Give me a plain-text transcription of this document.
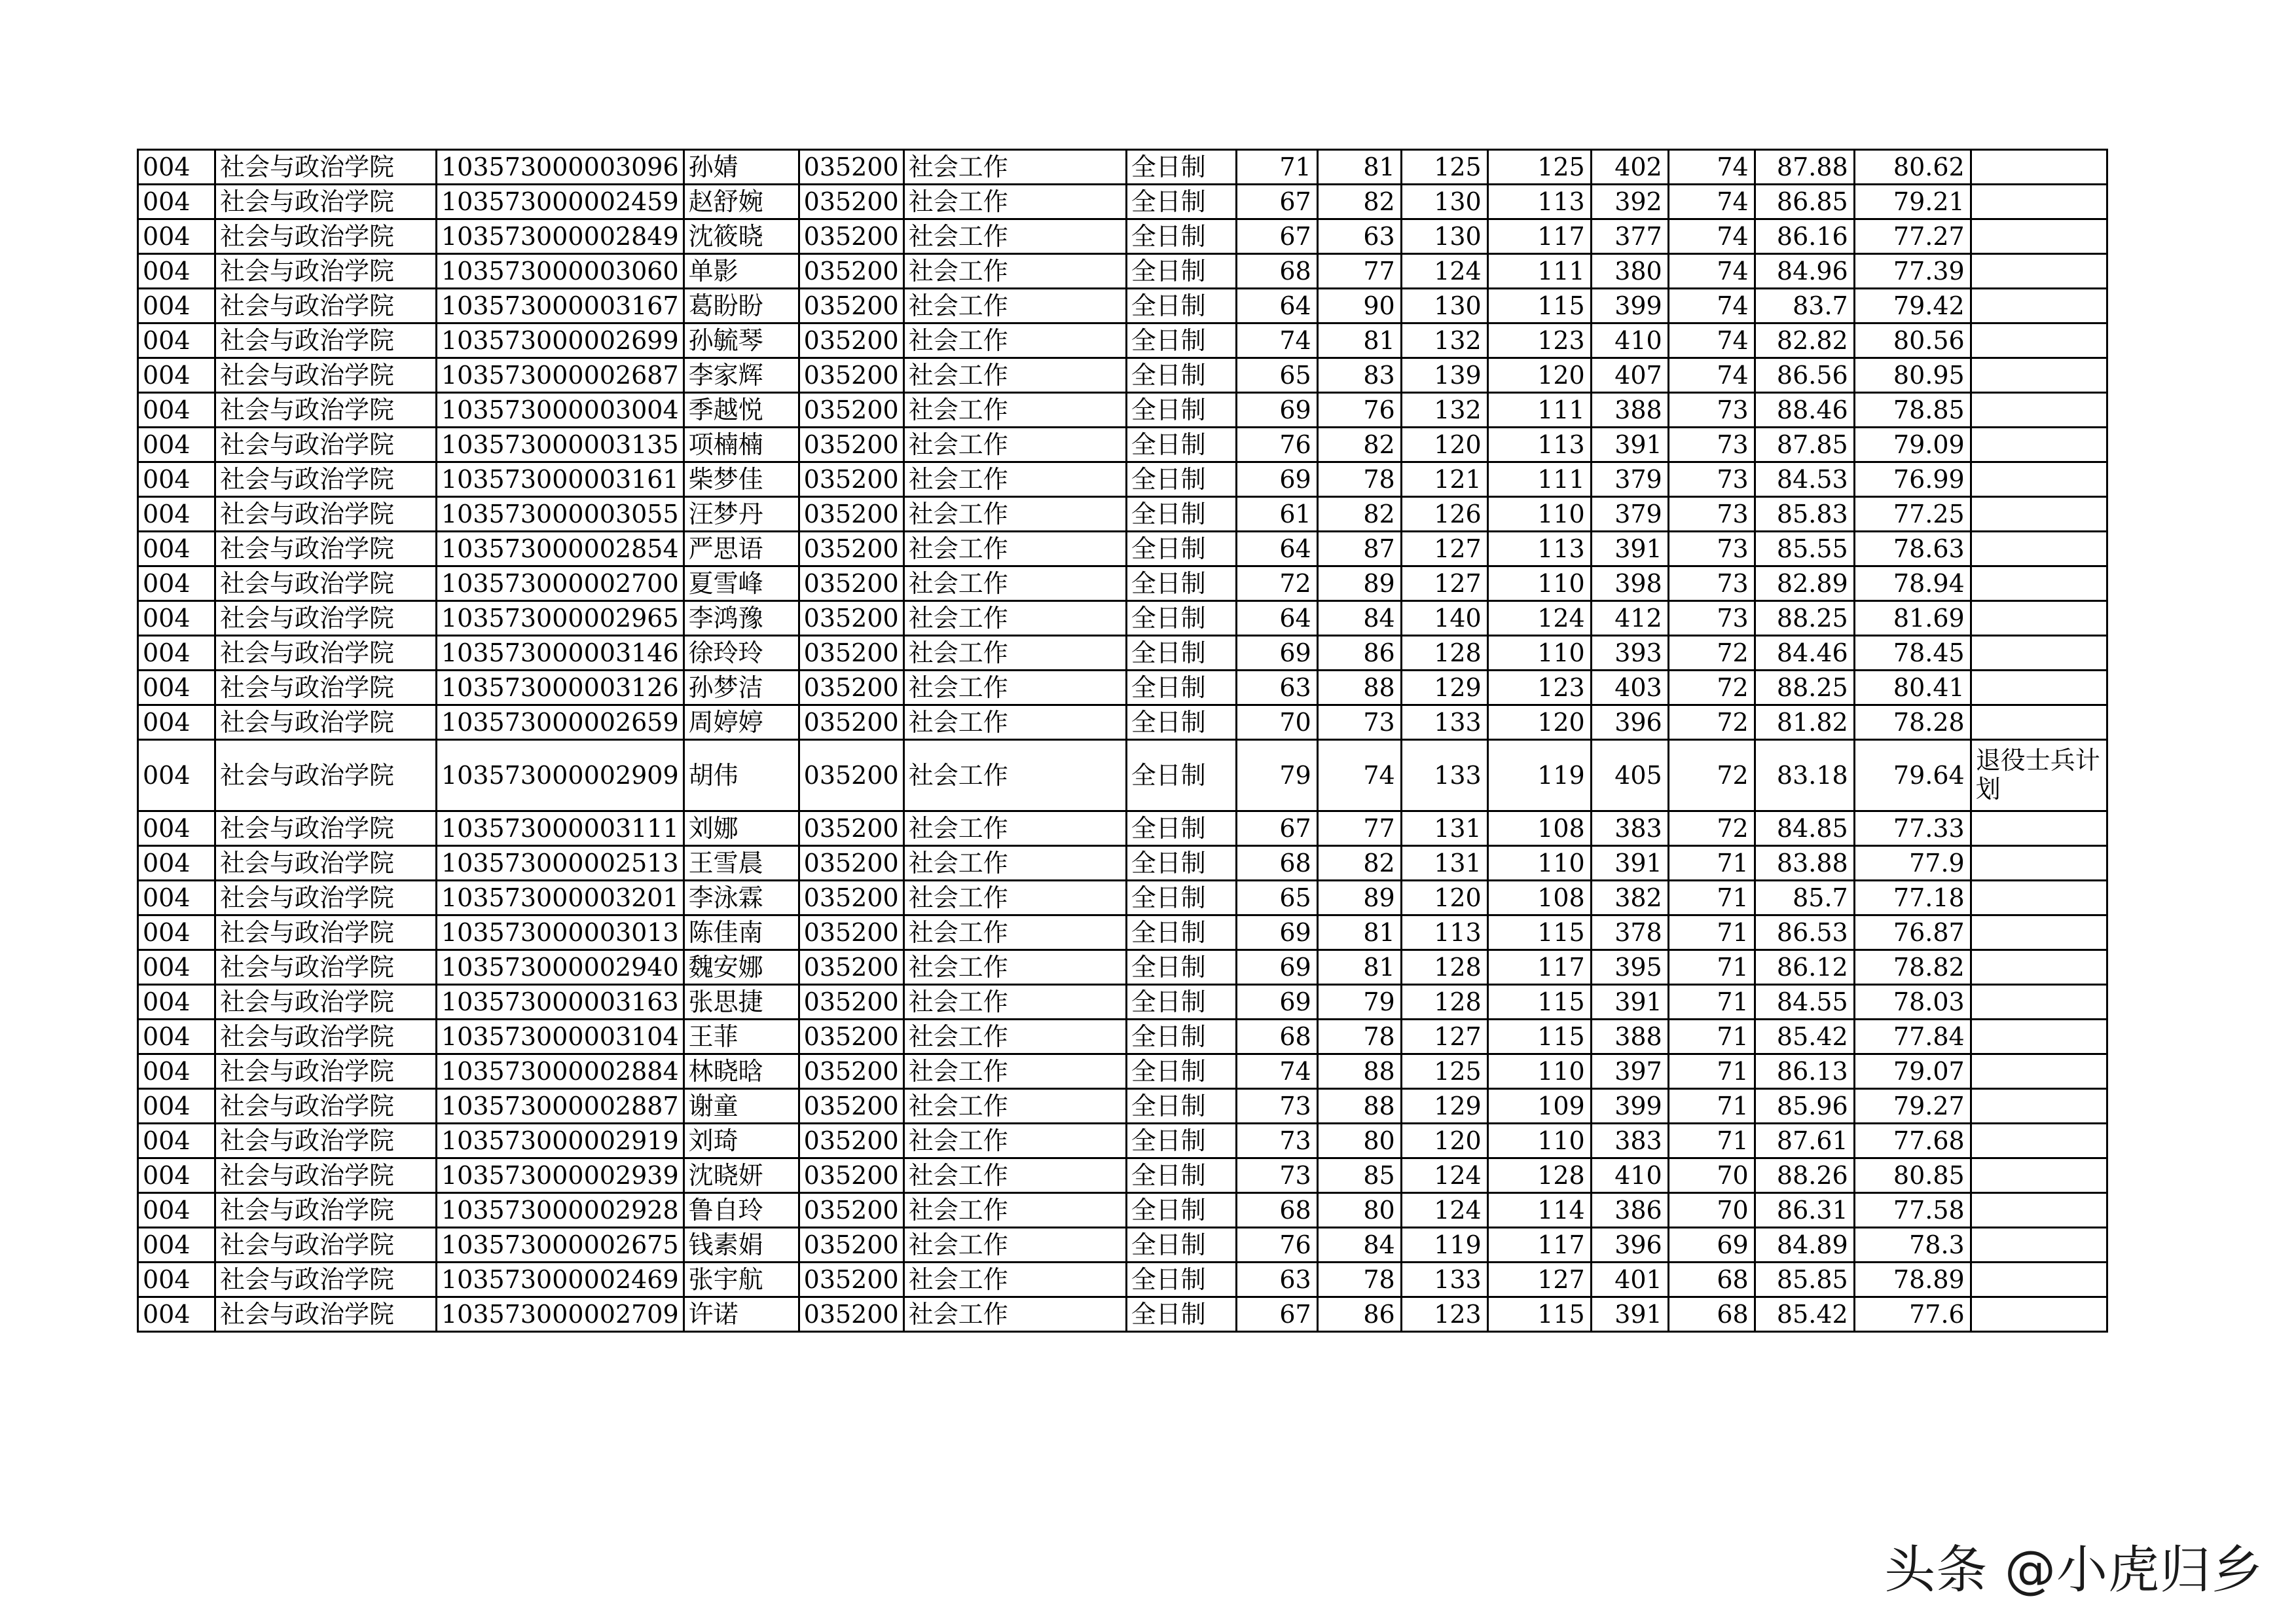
004	社会与政治学院	103573000003096	孙婧	035200	社会工作	全日制	71	81	125	125	402	74	87.88	80.62	
004	社会与政治学院	103573000002459	赵舒婉	035200	社会工作	全日制	67	82	130	113	392	74	86.85	79.21	
004	社会与政治学院	103573000002849	沈筱晓	035200	社会工作	全日制	67	63	130	117	377	74	86.16	77.27	
004	社会与政治学院	103573000003060	单影	035200	社会工作	全日制	68	77	124	111	380	74	84.96	77.39	
004	社会与政治学院	103573000003167	葛盼盼	035200	社会工作	全日制	64	90	130	115	399	74	83.7	79.42	
004	社会与政治学院	103573000002699	孙毓琴	035200	社会工作	全日制	74	81	132	123	410	74	82.82	80.56	
004	社会与政治学院	103573000002687	李家辉	035200	社会工作	全日制	65	83	139	120	407	74	86.56	80.95	
004	社会与政治学院	103573000003004	季越悦	035200	社会工作	全日制	69	76	132	111	388	73	88.46	78.85	
004	社会与政治学院	103573000003135	项楠楠	035200	社会工作	全日制	76	82	120	113	391	73	87.85	79.09	
004	社会与政治学院	103573000003161	柴梦佳	035200	社会工作	全日制	69	78	121	111	379	73	84.53	76.99	
004	社会与政治学院	103573000003055	汪梦丹	035200	社会工作	全日制	61	82	126	110	379	73	85.83	77.25	
004	社会与政治学院	103573000002854	严思语	035200	社会工作	全日制	64	87	127	113	391	73	85.55	78.63	
004	社会与政治学院	103573000002700	夏雪峰	035200	社会工作	全日制	72	89	127	110	398	73	82.89	78.94	
004	社会与政治学院	103573000002965	李鸿豫	035200	社会工作	全日制	64	84	140	124	412	73	88.25	81.69	
004	社会与政治学院	103573000003146	徐玲玲	035200	社会工作	全日制	69	86	128	110	393	72	84.46	78.45	
004	社会与政治学院	103573000003126	孙梦洁	035200	社会工作	全日制	63	88	129	123	403	72	88.25	80.41	
004	社会与政治学院	103573000002659	周婷婷	035200	社会工作	全日制	70	73	133	120	396	72	81.82	78.28	
004	社会与政治学院	103573000002909	胡伟	035200	社会工作	全日制	79	74	133	119	405	72	83.18	79.64	退役士兵计划
004	社会与政治学院	103573000003111	刘娜	035200	社会工作	全日制	67	77	131	108	383	72	84.85	77.33	
004	社会与政治学院	103573000002513	王雪晨	035200	社会工作	全日制	68	82	131	110	391	71	83.88	77.9	
004	社会与政治学院	103573000003201	李泳霖	035200	社会工作	全日制	65	89	120	108	382	71	85.7	77.18	
004	社会与政治学院	103573000003013	陈佳南	035200	社会工作	全日制	69	81	113	115	378	71	86.53	76.87	
004	社会与政治学院	103573000002940	魏安娜	035200	社会工作	全日制	69	81	128	117	395	71	86.12	78.82	
004	社会与政治学院	103573000003163	张思捷	035200	社会工作	全日制	69	79	128	115	391	71	84.55	78.03	
004	社会与政治学院	103573000003104	王菲	035200	社会工作	全日制	68	78	127	115	388	71	85.42	77.84	
004	社会与政治学院	103573000002884	林晓晗	035200	社会工作	全日制	74	88	125	110	397	71	86.13	79.07	
004	社会与政治学院	103573000002887	谢童	035200	社会工作	全日制	73	88	129	109	399	71	85.96	79.27	
004	社会与政治学院	103573000002919	刘琦	035200	社会工作	全日制	73	80	120	110	383	71	87.61	77.68	
004	社会与政治学院	103573000002939	沈晓妍	035200	社会工作	全日制	73	85	124	128	410	70	88.26	80.85	
004	社会与政治学院	103573000002928	鲁自玲	035200	社会工作	全日制	68	80	124	114	386	70	86.31	77.58	
004	社会与政治学院	103573000002675	钱素娟	035200	社会工作	全日制	76	84	119	117	396	69	84.89	78.3	
004	社会与政治学院	103573000002469	张宇航	035200	社会工作	全日制	63	78	133	127	401	68	85.85	78.89	
004	社会与政治学院	103573000002709	许诺	035200	社会工作	全日制	67	86	123	115	391	68	85.42	77.6	
头条 @小虎归乡
